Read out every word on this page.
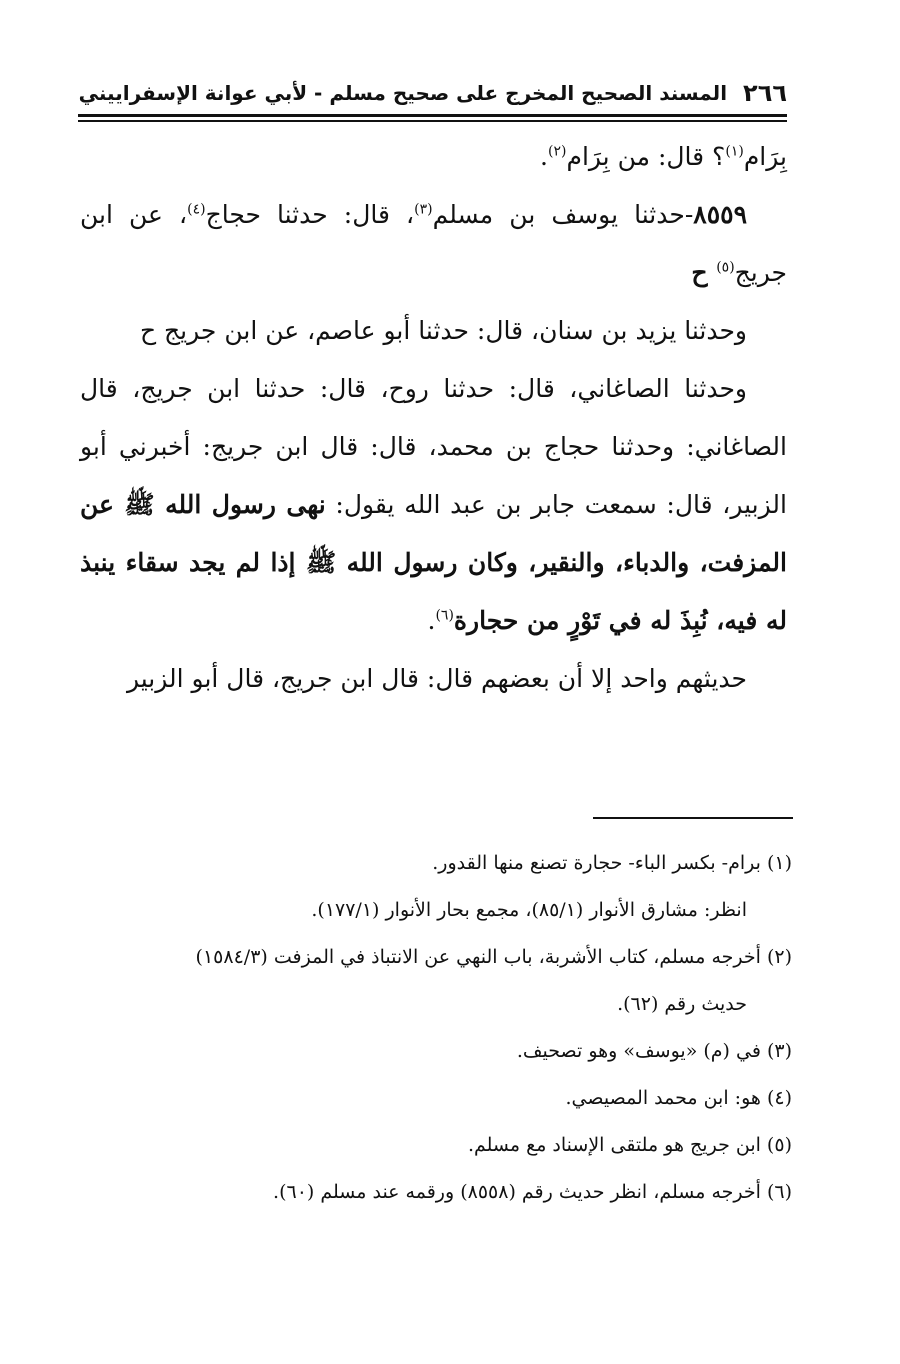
٢٦٦
المسند الصحيح المخرج على صحيح مسلم - لأبي عوانة الإسفراييني

بِرَام$^{(١)}$؟ قال: من بِرَام$^{(٢)}$.

٨٥٥٩-حدثنا يوسف بن مسلم$^{(٣)}$، قال: حدثنا حجاج$^{(٤)}$، عن ابن جريج$^{(٥)}$ ح

وحدثنا يزيد بن سنان، قال: حدثنا أبو عاصم، عن ابن جريج ح

وحدثنا الصاغاني، قال: حدثنا روح، قال: حدثنا ابن جريج، قال الصاغاني: وحدثنا حجاج بن محمد، قال: قال ابن جريج: أخبرني أبو الزبير، قال: سمعت جابر بن عبد الله يقول: نهى رسول الله ﷺ عن المزفت، والدباء، والنقير، وكان رسول الله ﷺ إذا لم يجد سقاء ينبذ له فيه، نُبِذَ له في تَوْرٍ من حجارة$^{(٦)}$.

حديثهم واحد إلا أن بعضهم قال: قال ابن جريج، قال أبو الزبير

(١) برام- بكسر الباء- حجارة تصنع منها القدور.

انظر: مشارق الأنوار (٨٥/١)، مجمع بحار الأنوار (١٧٧/١).

(٢) أخرجه مسلم، كتاب الأشربة، باب النهي عن الانتباذ في المزفت (١٥٨٤/٣)

حديث رقم (٦٢).

(٣) في (م) «يوسف» وهو تصحيف.

(٤) هو: ابن محمد المصيصي.

(٥) ابن جريج هو ملتقى الإسناد مع مسلم.

(٦) أخرجه مسلم، انظر حديث رقم (٨٥٥٨) ورقمه عند مسلم (٦٠).
